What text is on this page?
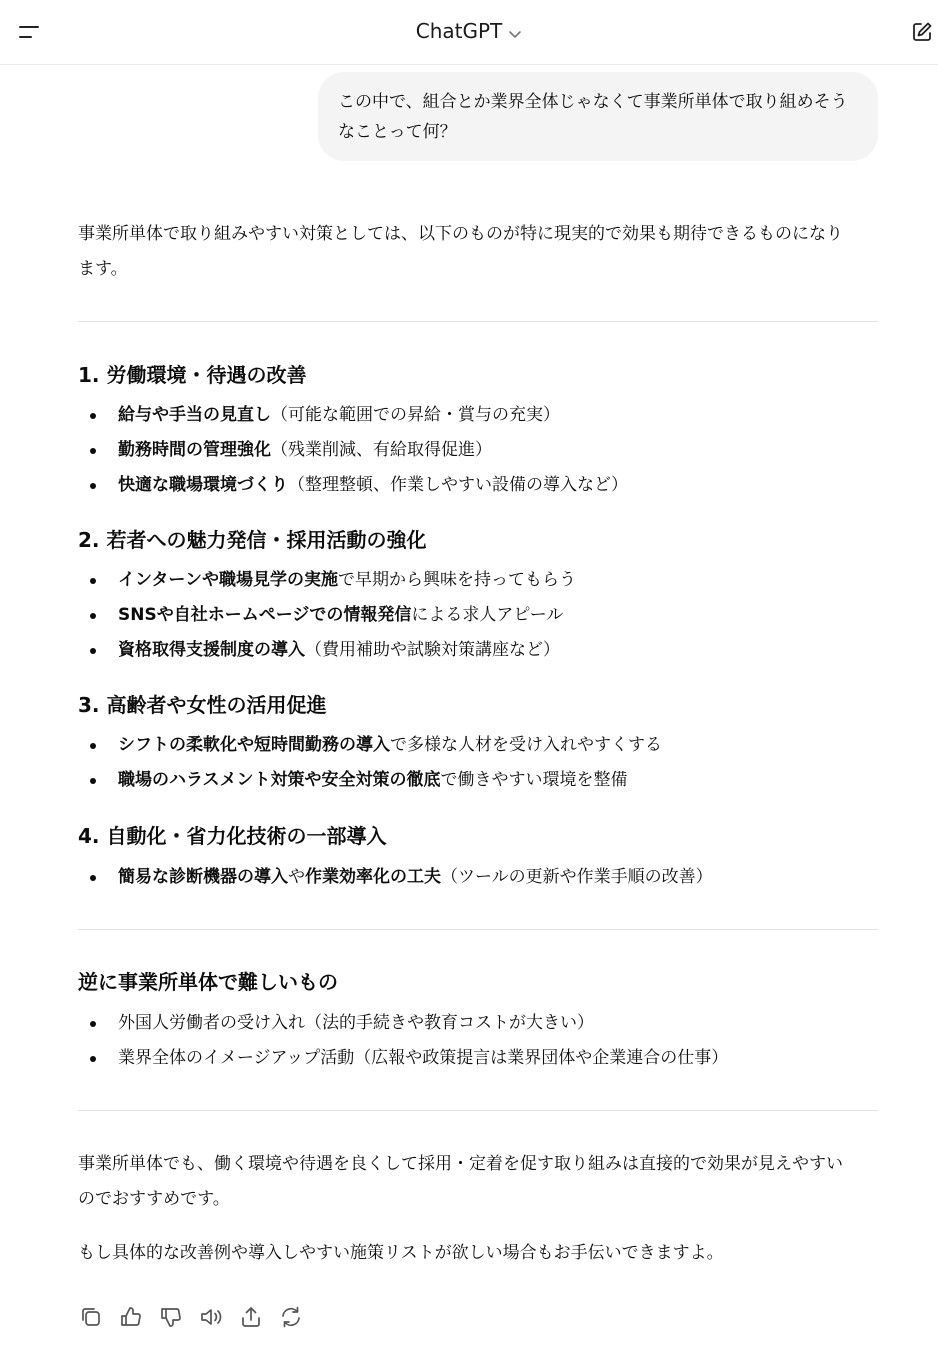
ChatGPT
この中で、組合とか業界全体じゃなくて事業所単体で取り組めそう
なことって何？
事業所単体で取り組みやすい対策としては、以下のものが特に現実的で効果も期待できるものになり
ます。
1. 労働環境・待遇の改善
給与や手当の見直し（可能な範囲での昇給・賞与の充実）
勤務時間の管理強化（残業削減、有給取得促進）
快適な職場環境づくり（整理整頓、作業しやすい設備の導入など）
2. 若者への魅力発信・採用活動の強化
インターンや職場見学の実施で早期から興味を持ってもらう
SNSや自社ホームページでの情報発信による求人アピール
資格取得支援制度の導入（費用補助や試験対策講座など）
3. 高齢者や女性の活用促進
シフトの柔軟化や短時間勤務の導入で多様な人材を受け入れやすくする
職場のハラスメント対策や安全対策の徹底で働きやすい環境を整備
4. 自動化・省力化技術の一部導入
簡易な診断機器の導入や作業効率化の工夫（ツールの更新や作業手順の改善）
逆に事業所単体で難しいもの
外国人労働者の受け入れ（法的手続きや教育コストが大きい）
業界全体のイメージアップ活動（広報や政策提言は業界団体や企業連合の仕事）
事業所単体でも、働く環境や待遇を良くして採用・定着を促す取り組みは直接的で効果が見えやすい
のでおすすめです。
もし具体的な改善例や導入しやすい施策リストが欲しい場合もお手伝いできますよ。
